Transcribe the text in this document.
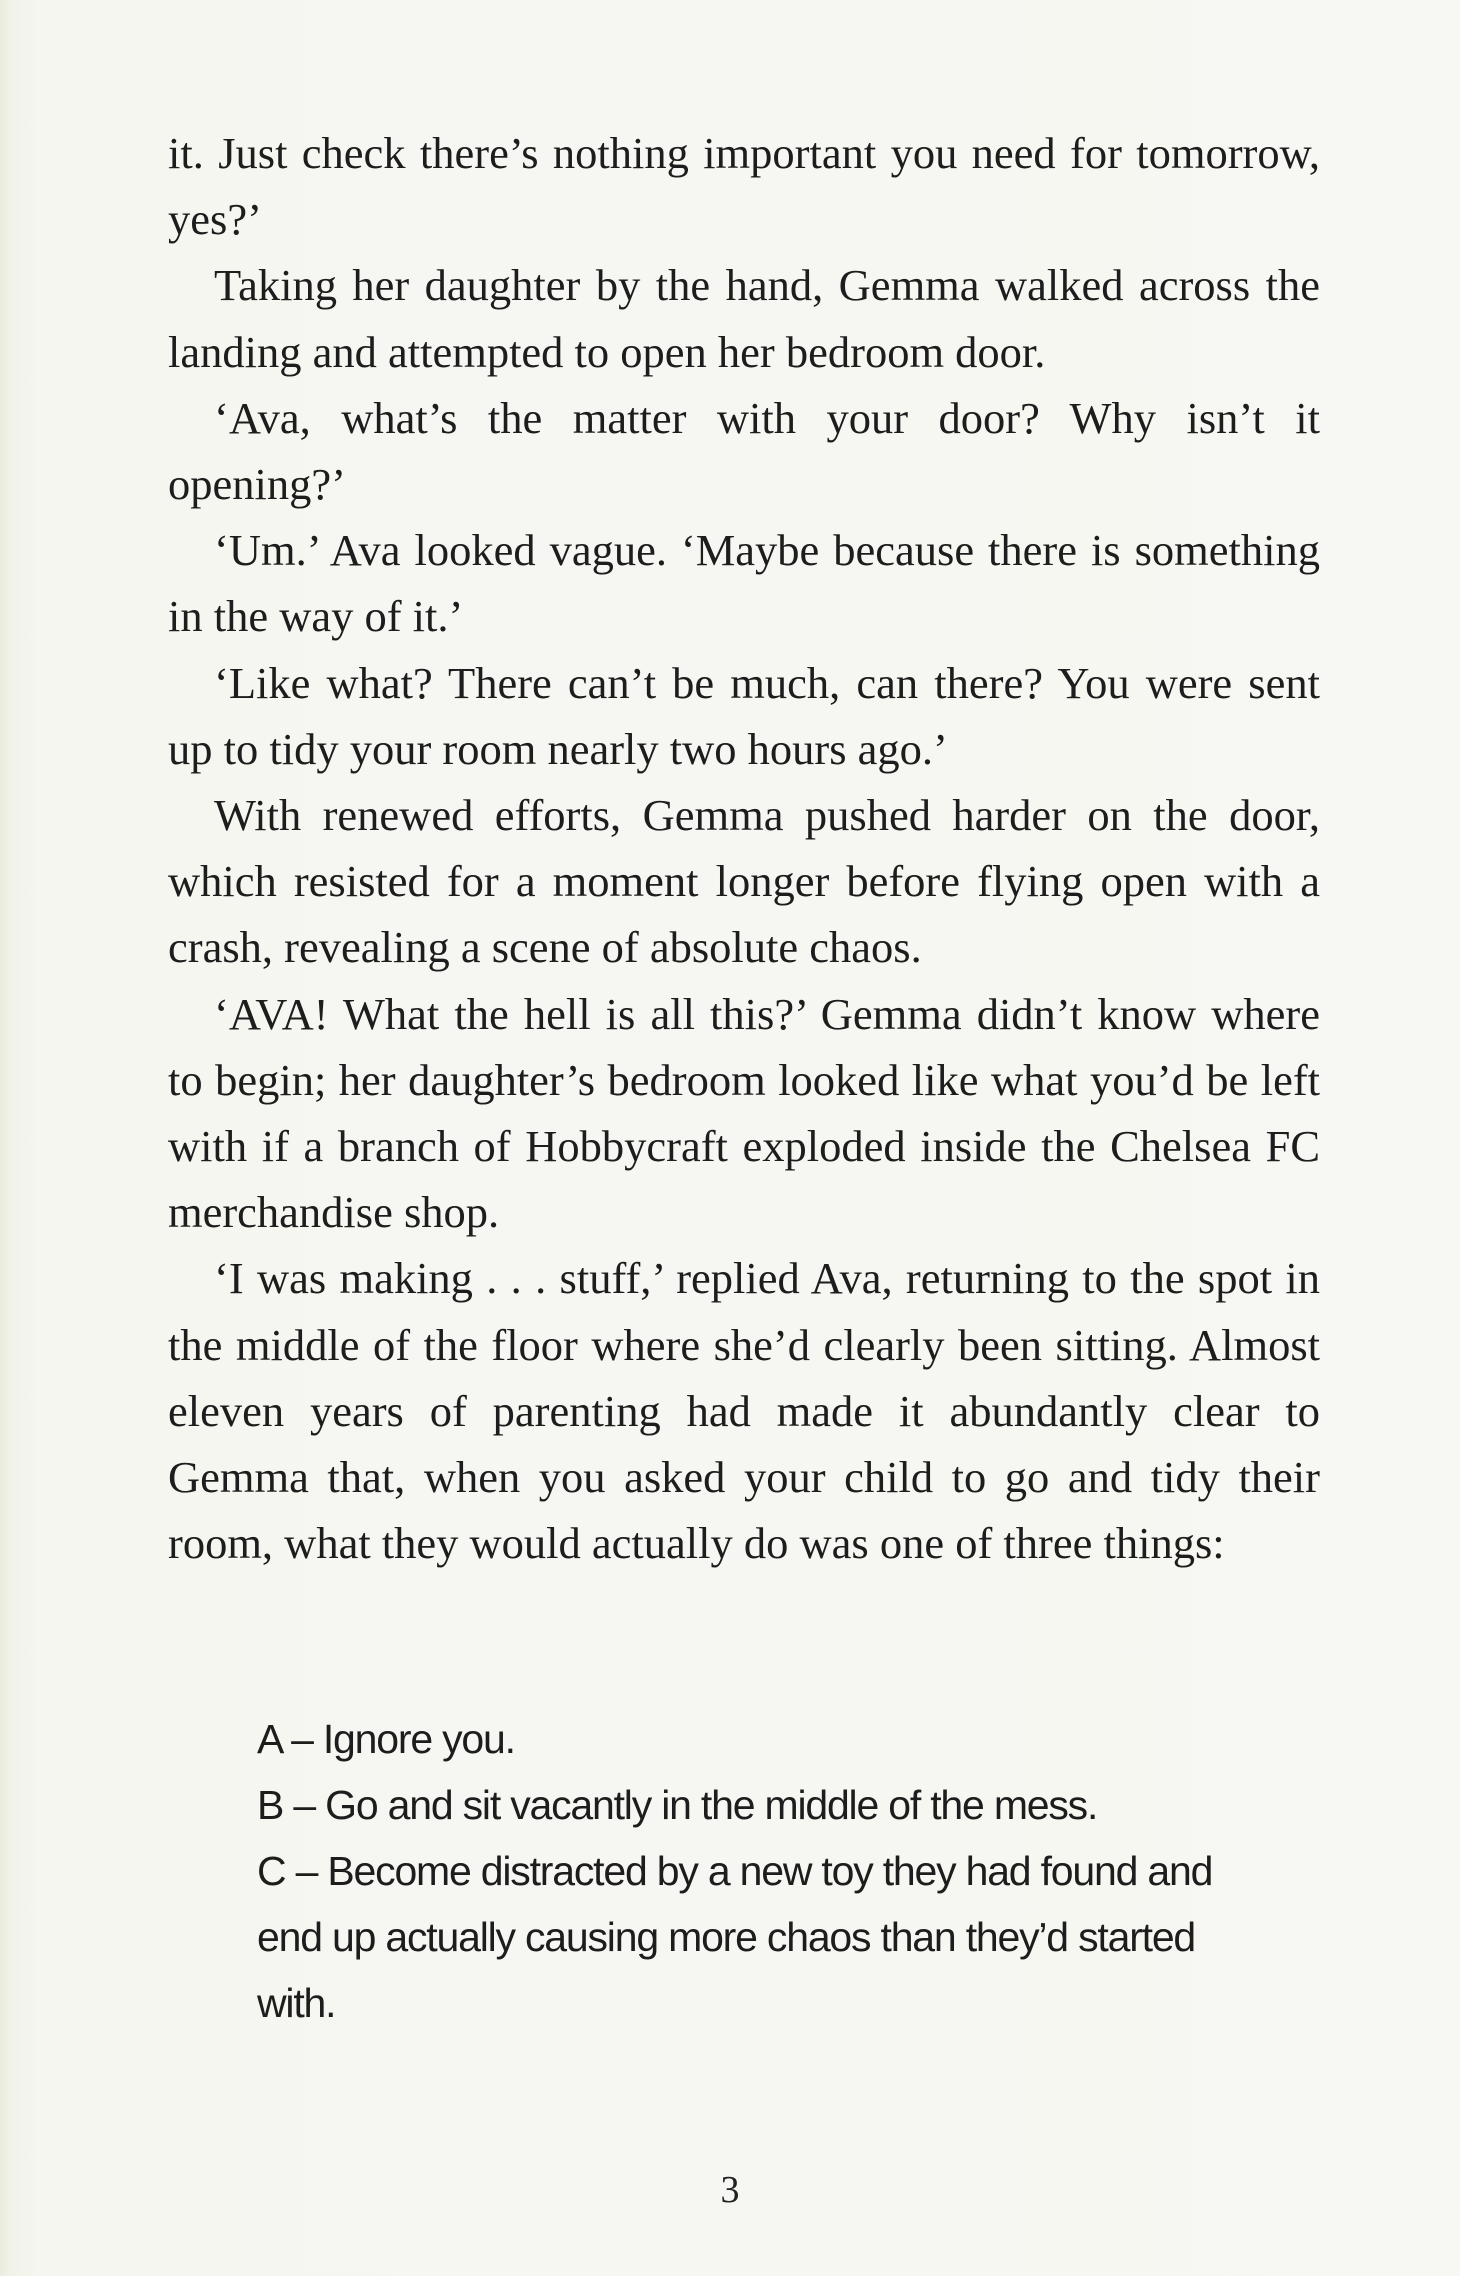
it. Just check there’s nothing important you need for tomorrow, yes?’

Taking her daughter by the hand, Gemma walked across the landing and attempted to open her bedroom door.

‘Ava, what’s the matter with your door? Why isn’t it opening?’

‘Um.’ Ava looked vague. ‘Maybe because there is something in the way of it.’

‘Like what? There can’t be much, can there? You were sent up to tidy your room nearly two hours ago.’

With renewed efforts, Gemma pushed harder on the door, which resisted for a moment longer before flying open with a crash, revealing a scene of absolute chaos.

‘AVA! What the hell is all this?’ Gemma didn’t know where to begin; her daughter’s bedroom looked like what you’d be left with if a branch of Hobbycraft exploded inside the Chelsea FC merchandise shop.

‘I was making . . . stuff,’ replied Ava, returning to the spot in the middle of the floor where she’d clearly been sitting. Almost eleven years of parenting had made it abundantly clear to Gemma that, when you asked your child to go and tidy their room, what they would actually do was one of three things:

A – Ignore you.

B – Go and sit vacantly in the middle of the mess.

C – Become distracted by a new toy they had found and end up actually causing more chaos than they’d started with.

3
